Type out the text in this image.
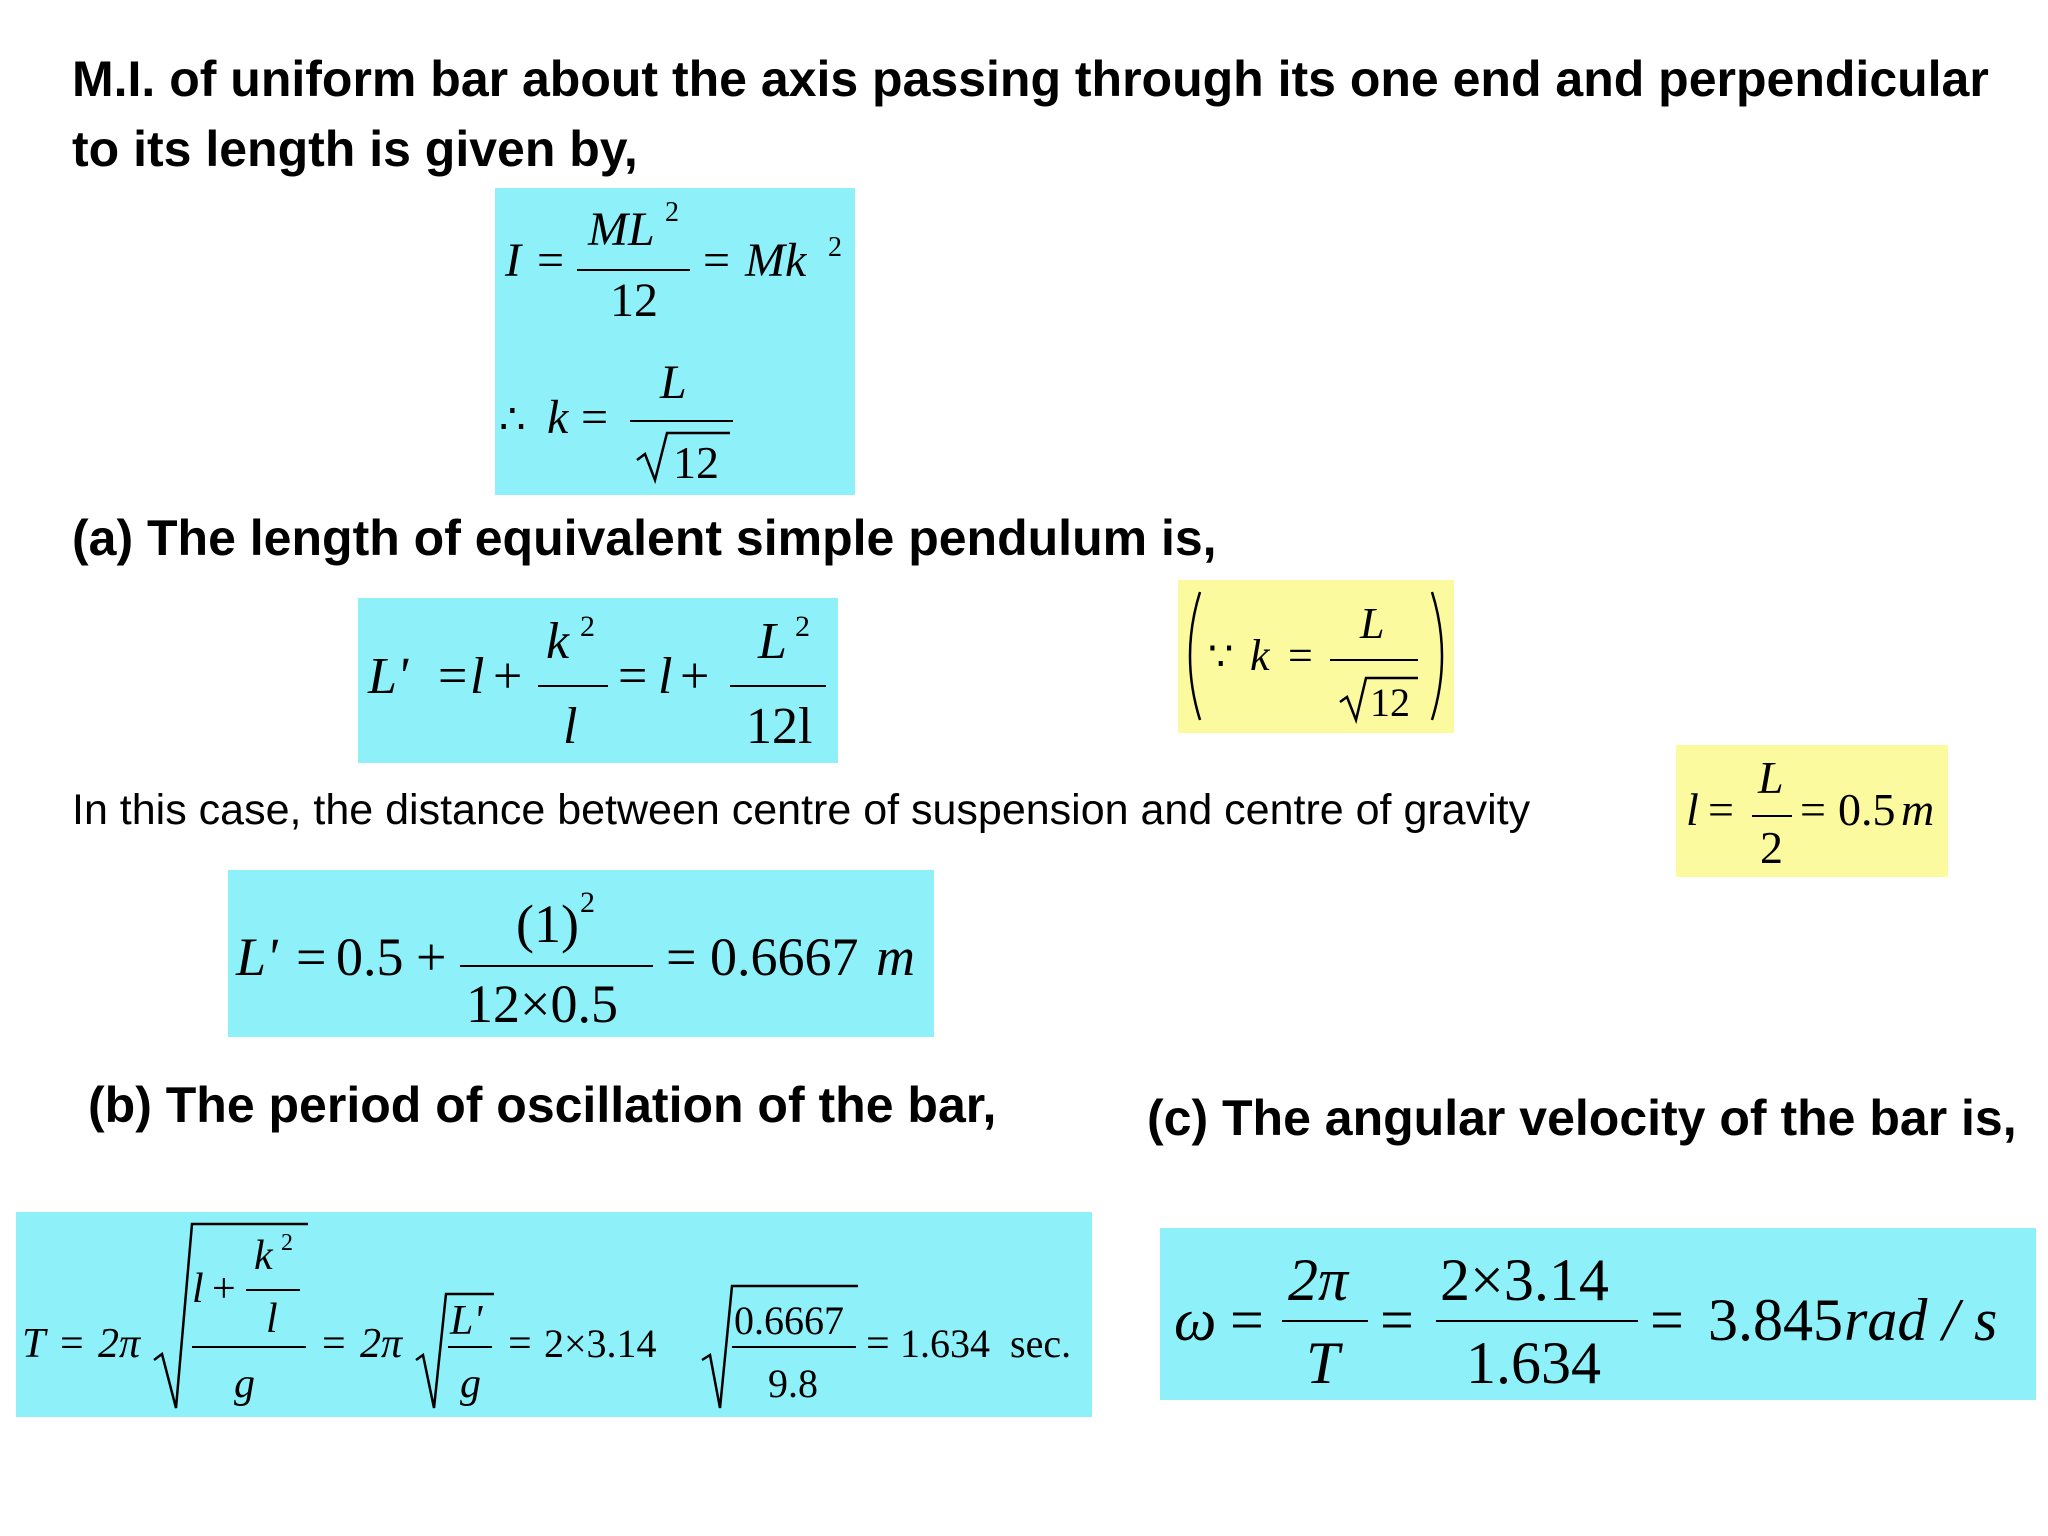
M.I. of uniform bar about the axis passing through its one end and perpendicular
to its length is given by,
(a) The length of equivalent simple pendulum is,
In this case, the distance between centre of suspension and centre of gravity
(b) The period of oscillation of the bar,	(c) The angular velocity of the bar is,
I =
ML 2
12
= Mk 2
∴ k =
L
12
L' = l +
k 2
l
= l +
L 2
12l
∵ k =
L
12
l =
L
2
= 0.5 m
L' = 0.5 +
(1) 2
12×0.5
= 0.6667 m
T = 2π
l +
k 2
l
g
= 2π L'
g
= 2×3.14
0.6667
9.8
= 1.634 sec. ω =
2π
T
=
2×3.14
1.634
= 3.845 rad / s
